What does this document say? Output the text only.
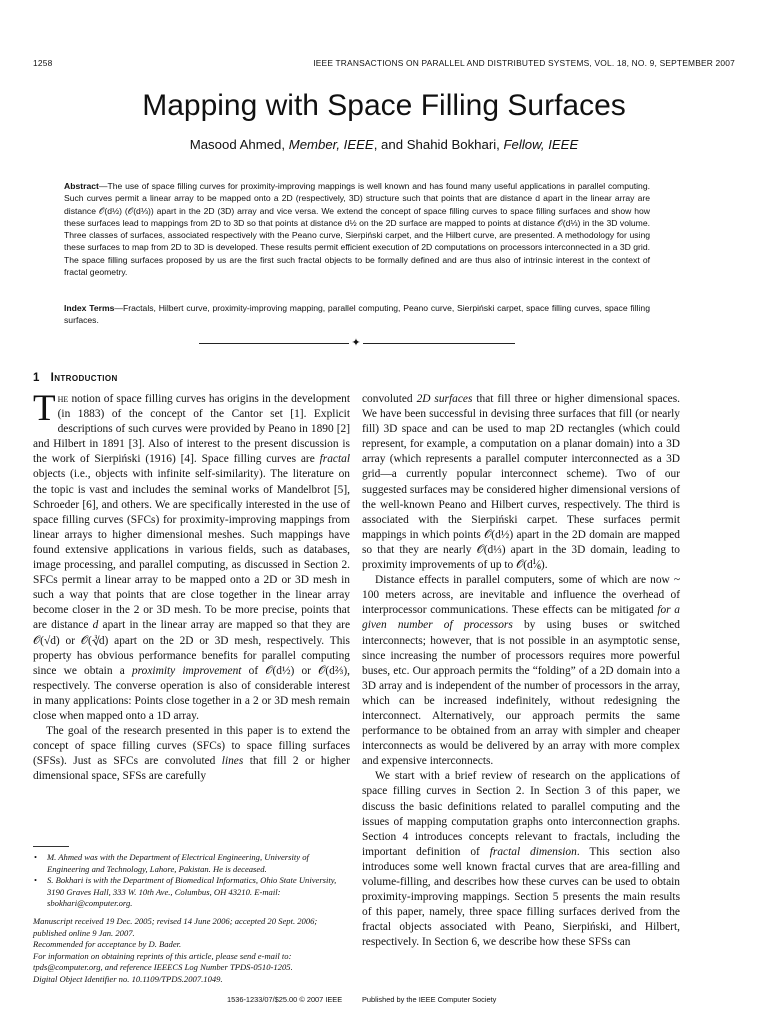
1258	IEEE TRANSACTIONS ON PARALLEL AND DISTRIBUTED SYSTEMS, VOL. 18, NO. 9, SEPTEMBER 2007
Mapping with Space Filling Surfaces
Masood Ahmed, Member, IEEE, and Shahid Bokhari, Fellow, IEEE
Abstract—The use of space filling curves for proximity-improving mappings is well known and has found many useful applications in parallel computing. Such curves permit a linear array to be mapped onto a 2D (respectively, 3D) structure such that points that are distance d apart in the linear array are distance 𝒪(d½) (𝒪(d⅓)) apart in the 2D (3D) array and vice versa. We extend the concept of space filling curves to space filling surfaces and show how these surfaces lead to mappings from 2D to 3D so that points at distance d½ on the 2D surface are mapped to points at distance 𝒪(d⅓) in the 3D volume. Three classes of surfaces, associated respectively with the Peano curve, Sierpiński carpet, and the Hilbert curve, are presented. A methodology for using these surfaces to map from 2D to 3D is developed. These results permit efficient execution of 2D computations on processors interconnected in a 3D grid. The space filling surfaces proposed by us are the first such fractal objects to be formally defined and are thus also of intrinsic interest in the context of fractal geometry.
Index Terms—Fractals, Hilbert curve, proximity-improving mapping, parallel computing, Peano curve, Sierpiński carpet, space filling curves, space filling surfaces.
✦
1 Introduction

The notion of space filling curves has origins in the development (in 1883) of the concept of the Cantor set [1]. Explicit descriptions of such curves were provided by Peano in 1890 [2] and Hilbert in 1891 [3]. Also of interest to the present discussion is the work of Sierpiński (1916) [4]. Space filling curves are fractal objects (i.e., objects with infinite self-similarity). The literature on the topic is vast and includes the seminal works of Mandelbrot [5], Schroeder [6], and others. We are specifically interested in the use of space filling curves (SFCs) for proximity-improving mappings from linear arrays to higher dimensional meshes. Such mappings have found extensive applications in various fields, such as databases, image processing, and parallel computing, as discussed in Section 2. SFCs permit a linear array to be mapped onto a 2D or 3D mesh in such a way that points that are close together in the linear array become closer in the 2 or 3D mesh. To be more precise, points that are distance d apart in the linear array are mapped so that they are 𝒪(√d) or 𝒪(∛d) apart on the 2D or 3D mesh, respectively. This property has obvious performance benefits for parallel computing since we obtain a proximity improvement of 𝒪(d½) or 𝒪(d⅔), respectively. The converse operation is also of considerable interest in many applications: Points close together in a 2 or 3D mesh remain close when mapped onto a 1D array.

The goal of the research presented in this paper is to extend the concept of space filling curves (SFCs) to space filling surfaces (SFSs). Just as SFCs are convoluted lines that fill 2 or higher dimensional space, SFSs are carefully

convoluted 2D surfaces that fill three or higher dimensional spaces. We have been successful in devising three surfaces that fill (or nearly fill) 3D space and can be used to map 2D rectangles (which could represent, for example, a computation on a planar domain) into a 3D array (which represents a parallel computer interconnected as a 3D grid—a currently popular interconnect scheme). Two of our suggested surfaces may be considered higher dimensional versions of the well-known Peano and Hilbert curves, respectively. The third is associated with the Sierpiński carpet. These surfaces permit mappings in which points 𝒪(d½) apart in the 2D domain are mapped so that they are nearly 𝒪(d⅓) apart in the 3D domain, leading to proximity improvements of up to 𝒪(d⅙).

Distance effects in parallel computers, some of which are now ~ 100 meters across, are inevitable and influence the overhead of interprocessor communications. These effects can be mitigated for a given number of processors by using buses or switched interconnects; however, that is not possible in an asymptotic sense, since increasing the number of processors requires more powerful buses, etc. Our approach permits the “folding” of a 2D domain into a 3D array and is independent of the number of processors in the array, which can be increased indefinitely, without redesigning the interconnect. Alternatively, our approach permits the same performance to be obtained from an array with simpler and cheaper interconnects as would be delivered by an array with more complex and expensive interconnects.

We start with a brief review of research on the applications of space filling curves in Section 2. In Section 3 of this paper, we discuss the basic definitions related to parallel computing and the issues of mapping computation graphs onto interconnection graphs. Section 4 introduces concepts relevant to fractals, including the important definition of fractal dimension. This section also introduces some well known fractal curves that are area-filling and volume-filling, and describes how these curves can be used to obtain proximity-improving mappings. Section 5 presents the main results of this paper, namely, three space filling surfaces derived from the fractal objects associated with Peano, Sierpiński, and Hilbert, respectively. In Section 6, we describe how these SFSs can

• M. Ahmed was with the Department of Electrical Engineering, University of Engineering and Technology, Lahore, Pakistan. He is deceased.

• S. Bokhari is with the Department of Biomedical Informatics, Ohio State University, 3190 Graves Hall, 333 W. 10th Ave., Columbus, OH 43210. E-mail: sbokhari@computer.org.

Manuscript received 19 Dec. 2005; revised 14 June 2006; accepted 20 Sept. 2006; published online 9 Jan. 2007.

Recommended for acceptance by D. Bader.

For information on obtaining reprints of this article, please send e-mail to: tpds@computer.org, and reference IEEECS Log Number TPDS-0510-1205.

Digital Object Identifier no. 10.1109/TPDS.2007.1049.

1536-1233/07/$25.00 © 2007 IEEE	Published by the IEEE Computer Society
